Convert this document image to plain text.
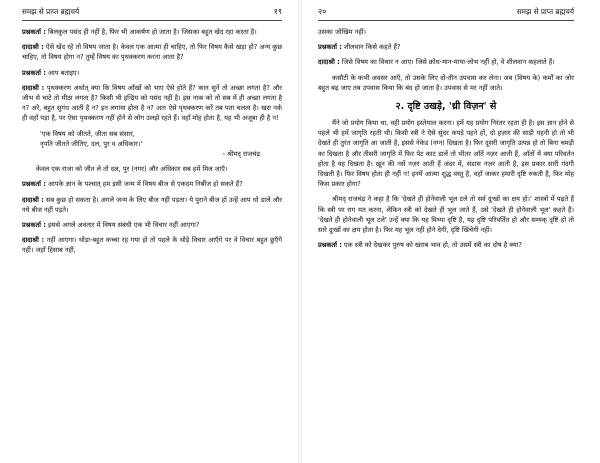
समझ से प्राप्त ब्रह्मचर्य	१९

प्रश्नकर्ता : बिलकुल पसंद ही नहीं है, फिर भी आकर्षण हो जाता है। जिसका बहुत खेद रहा करता है।

दादाश्री : ऐसे खेद रहे तो विषय जाता है। केवल एक आत्मा ही चाहिए, तो फिर विषय कैसे खड़ा हो? अन्य कुछ चाहिए, तो विषय होगा न? तुम्हें विषय का पृथक्करण करना आता है?

प्रश्नकर्ता : आप बताइए।

दादाश्री : पृथक्करण अर्थात् क्या कि विषय आँखों को भाए ऐसे होते हैं? कान सुनें तो अच्छा लगता है? और जीभ से चाटे तो मीठा लगता है? किसी भी इन्द्रिय को पसंद नहीं है। इस नाक को तो सब में ही अच्छा लगता है न? अरे, बहुत सुगंध आती है न? इन लगाया होता है न? अतः ऐसे पृथक्करण करें तब पता चलता है। खरा नर्क ही वहाँ पड़ा है, पर ऐसा पृथक्करण नहीं होने से लोग उलझे रहते हैं। वहाँ मोह होता है, यह भी अजूबा ही है न!

'एक विषय को जीतते, जीता सब संसार,
नृपति जीतते जीतिए, दल, पुर व अधिकार।'
- श्रीमद् राजचंद्र

केवल एक राजा को जीत ले तो दल, पुर (नगर) और अधिकार सब हमें मिल जाएँ।

प्रश्नकर्ता : आपके ज्ञान के पश्चात् हम इसी जन्म में विषय बीज से एकदम निर्बीज हो सकते हैं?

दादाश्री : सब कुछ हो सकता है। अगले जन्म के लिए बीज नहीं पड़ता। ये पुराने बीज हों उन्हें आप धो डालें और नये बीज नहीं पड़ते।

प्रश्नकर्ता : इससे अगले अवतार में विषय संबंधी एक भी विचार नहीं आएगा?

दादाश्री : नहीं आएगा। थोड़ा-बहुत कच्चा रह गया हो तो पहले के थोड़े विचार आएँगे पर वे विचार बहुत छुएँगे नहीं। जहाँ हिसाब नहीं,

२०	समझ से प्राप्त ब्रह्मचर्य

उसका जोखिम नहीं।

प्रश्नकर्ता : शीलवान किसे कहते हैं?

दादाश्री : जिसे विषय का विचार न आए। जिसे क्रोध-मान-माया-लोभ नहीं हो, वे शीलवान कहलाते हैं।

कसौटी के कभी अवसर आएँ, तो उसके लिए दो-तीन उपवास कर लेना। जब (विषय के) कर्मों का जोर बहुत बढ़ जाए तब उपवास किया कि बंद हो जाता है। उपवास से मर नहीं जाते।

२. दृष्टि उखड़े, 'थ्री विज़न' से

मैंने जो प्रयोग किया था, वही प्रयोग इस्तेमाल करना। हमें यह प्रयोग निरंतर रहता ही है। इस ज्ञान होने से पहले भी हमें जागृति रहती थी। किसी स्त्री ने ऐसे सुंदर कपड़े पहने हों, दो हज़ार की साड़ी पहनी हो तो भी देखते ही तुरंत जागृति आ जाती है, इससे नेकेड (नग्न) दिखता है। फिर दूसरी जागृति उत्पन्न हो तो बिना चमड़ी का दिखता है और तीसरी जागृति में फिर पेट काट डालें तो भीतर आँतें नज़र आती हैं, आँतों में क्या परिवर्तन होता है वह दिखता है। खून की नसें नज़र आती हैं अंदर में, संडास नज़र आती है, इस प्रकार सारी गंदगी दिखती है। फिर विषय होता ही नहीं न! इनमें आत्मा शुद्ध वस्तु है, वहाँ जाकर हमारी दृष्टि रुकती है, फिर मोह किस प्रकार होगा?

श्रीमद् राजचंद्र ने कहा है कि 'देखते ही होनेवाली भूल टले तो सर्व दुःखों का क्षय हो।' शास्त्रों में पढ़ते हैं कि स्त्री पर राग मत करना, लेकिन स्त्री को देखते ही भूल जाते हैं, उसे 'देखते ही होनेवाली भूल' कहते हैं। 'देखते ही होनेवाली भूल टले' उन्हें क्या कि यह मिथ्या दृष्टि है, यह दृष्टि परिवर्तित हो और सम्यक् दृष्टि हो तो सारे दुःखों का क्षय होता है। फिर यह भूल नहीं होने देगी, दृष्टि खिंचेगी नहीं।

प्रश्नकर्ता : एक स्त्री को देखकर पुरुष को खराब भाव हो, तो उसमें स्त्री का दोष है क्या?
